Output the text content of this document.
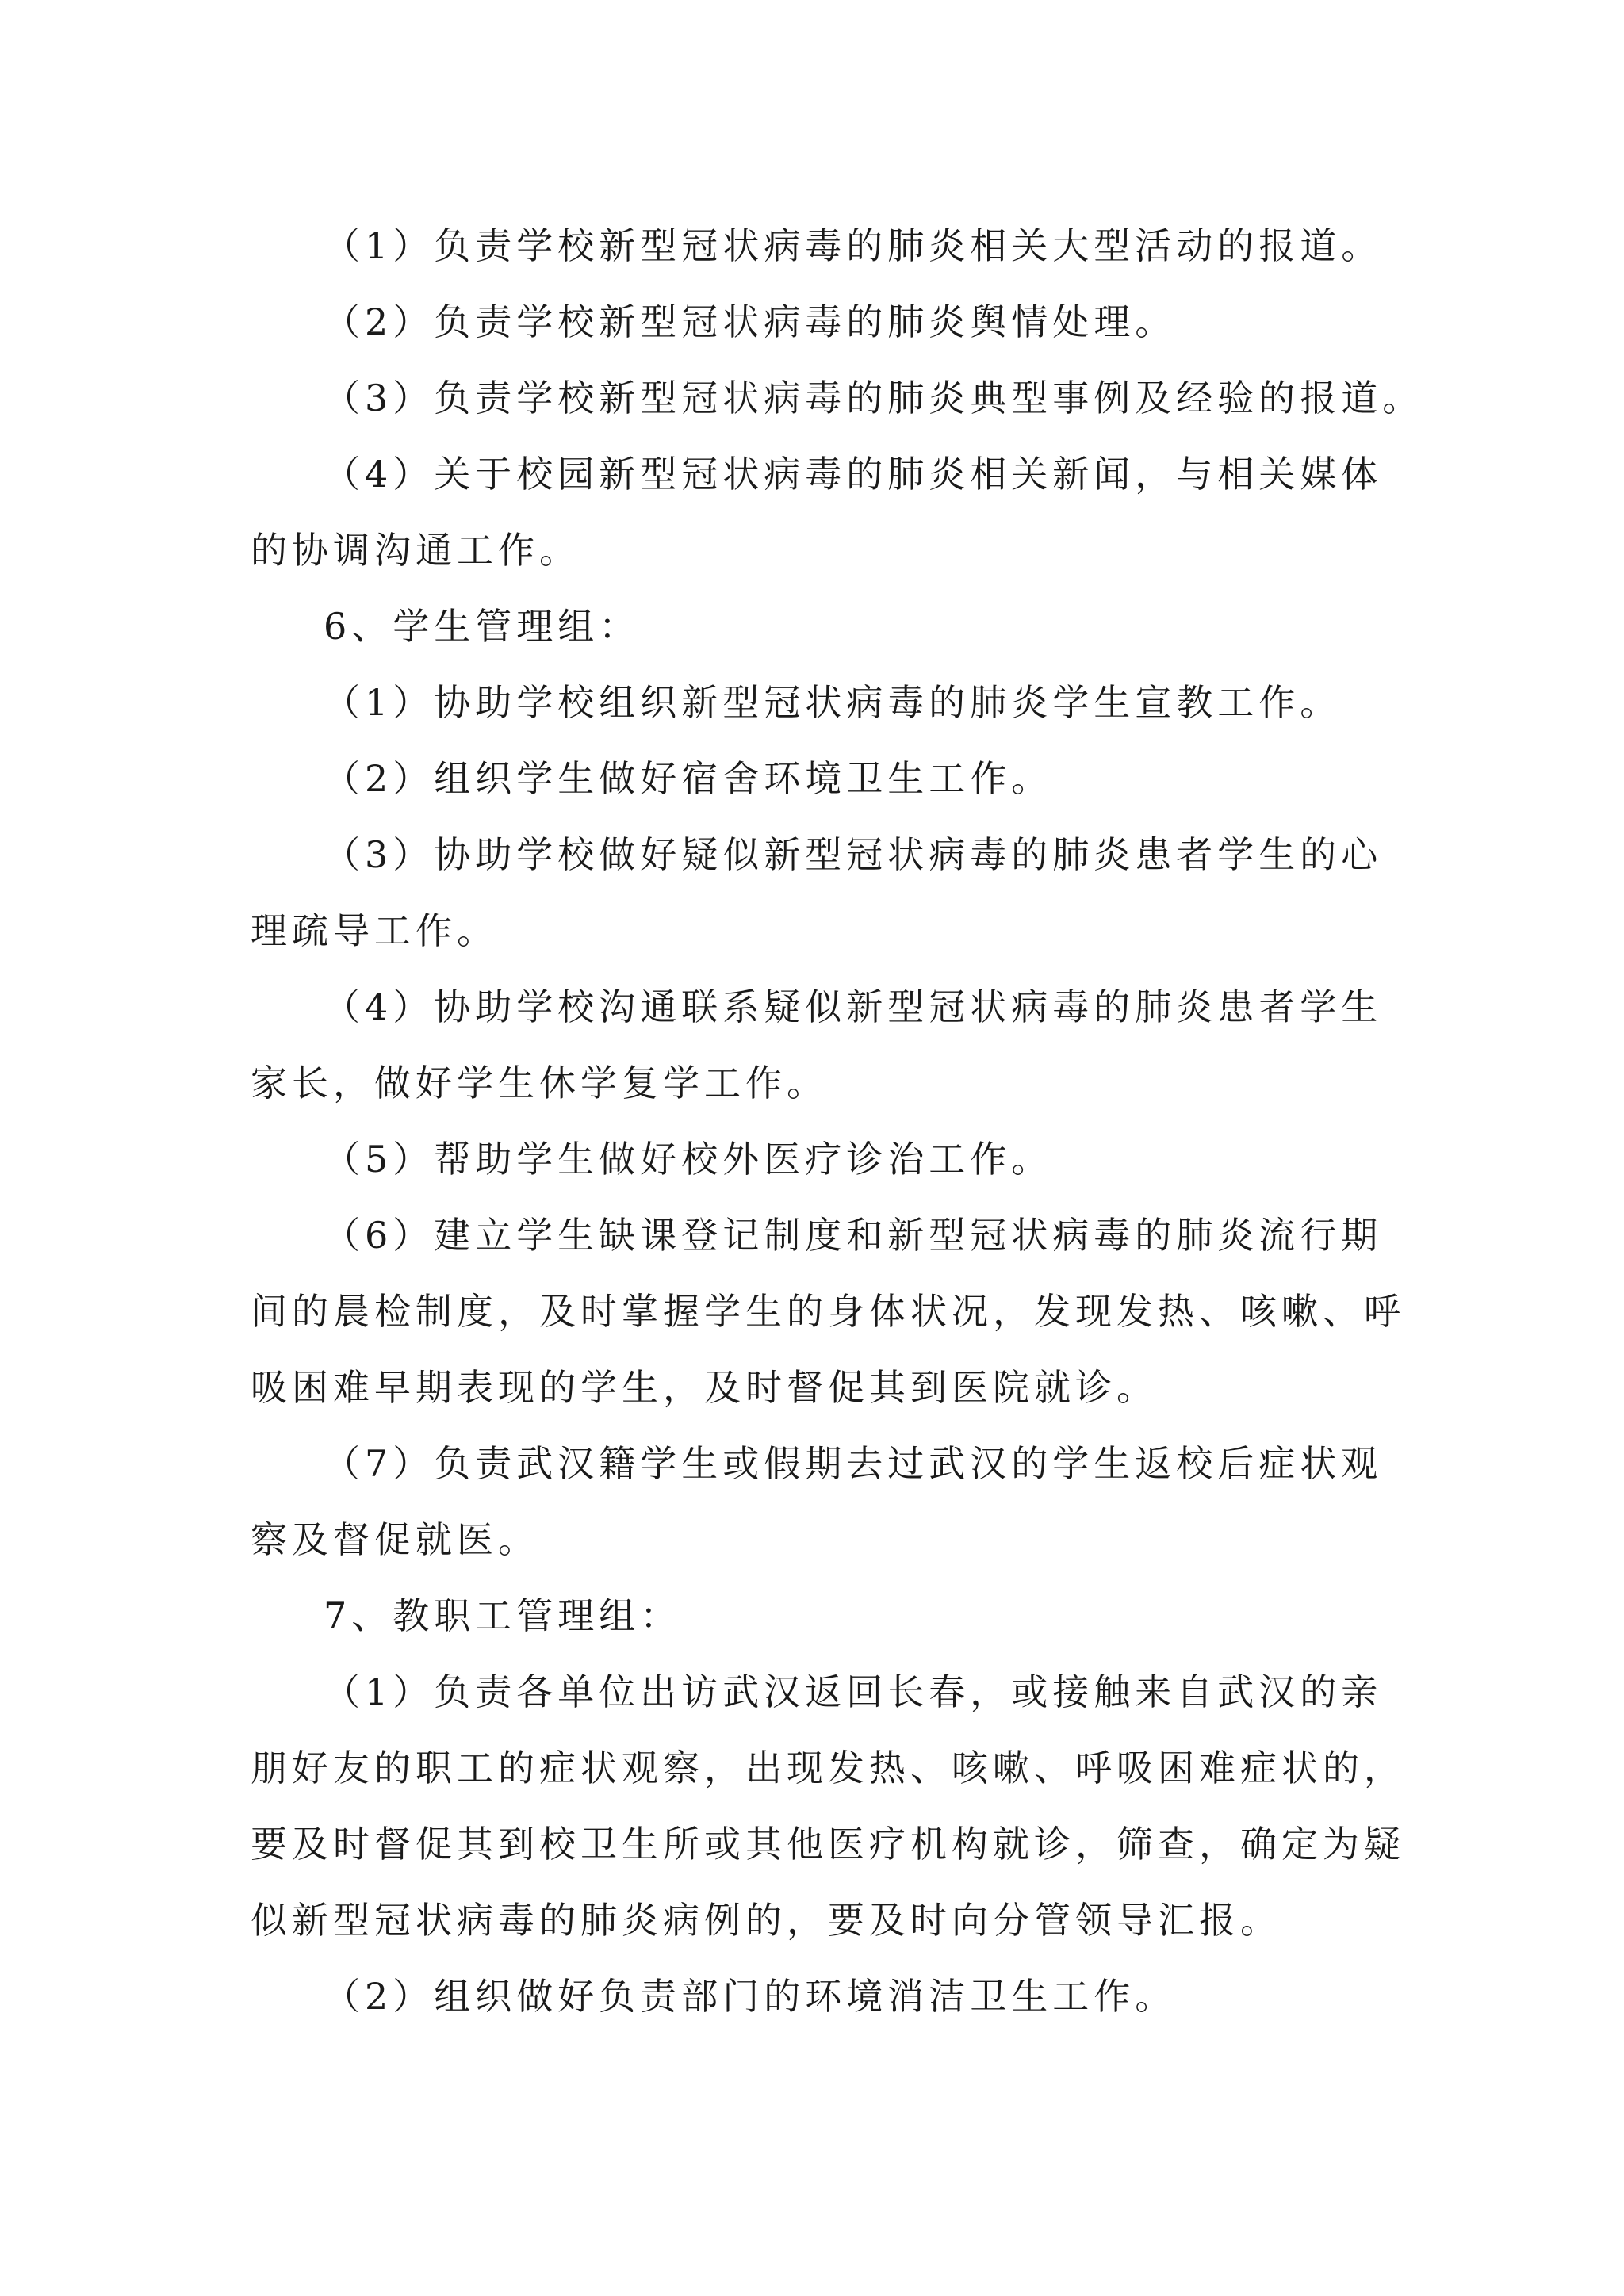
（1）负责学校新型冠状病毒的肺炎相关大型活动的报道。
（2）负责学校新型冠状病毒的肺炎舆情处理。
（3）负责学校新型冠状病毒的肺炎典型事例及经验的报道。
（4）关于校园新型冠状病毒的肺炎相关新闻，与相关媒体
的协调沟通工作。
6、学生管理组：
（1）协助学校组织新型冠状病毒的肺炎学生宣教工作。
（2）组织学生做好宿舍环境卫生工作。
（3）协助学校做好疑似新型冠状病毒的肺炎患者学生的心
理疏导工作。
（4）协助学校沟通联系疑似新型冠状病毒的肺炎患者学生
家长，做好学生休学复学工作。
（5）帮助学生做好校外医疗诊治工作。
（6）建立学生缺课登记制度和新型冠状病毒的肺炎流行期
间的晨检制度，及时掌握学生的身体状况，发现发热、咳嗽、呼
吸困难早期表现的学生，及时督促其到医院就诊。
（7）负责武汉籍学生或假期去过武汉的学生返校后症状观
察及督促就医。
7、教职工管理组：
（1）负责各单位出访武汉返回长春，或接触来自武汉的亲
朋好友的职工的症状观察，出现发热、咳嗽、呼吸困难症状的，
要及时督促其到校卫生所或其他医疗机构就诊，筛查，确定为疑
似新型冠状病毒的肺炎病例的，要及时向分管领导汇报。
（2）组织做好负责部门的环境消洁卫生工作。
